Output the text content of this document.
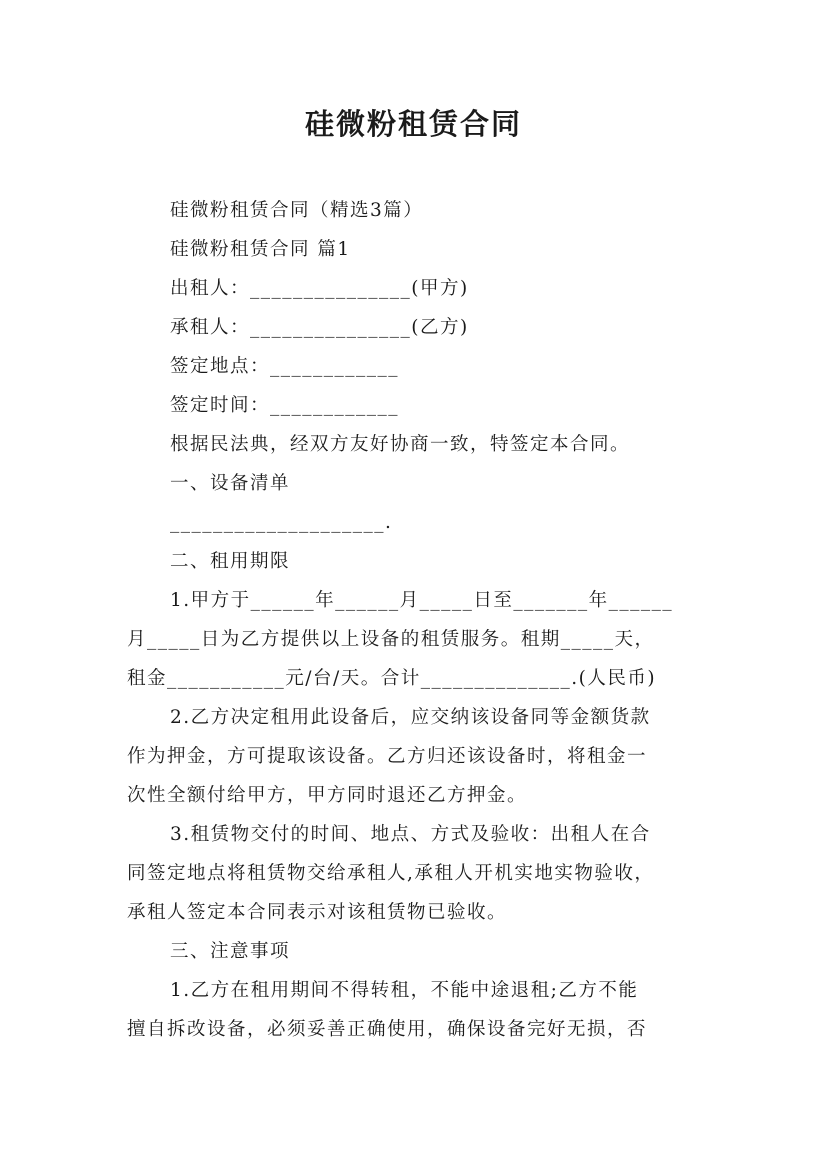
硅微粉租赁合同
硅微粉租赁合同（精选3篇）
硅微粉租赁合同 篇1
出租人：_______________(甲方)
承租人：_______________(乙方)
签定地点：____________
签定时间：____________
根据民法典，经双方友好协商一致，特签定本合同。
一、设备清单
____________________.
二、租用期限
1.甲方于______年______月_____日至_______年______
月_____日为乙方提供以上设备的租赁服务。租期_____天，
租金___________元/台/天。合计______________.(人民币)
2.乙方决定租用此设备后，应交纳该设备同等金额货款
作为押金，方可提取该设备。乙方归还该设备时，将租金一
次性全额付给甲方，甲方同时退还乙方押金。
3.租赁物交付的时间、地点、方式及验收：出租人在合
同签定地点将租赁物交给承租人,承租人开机实地实物验收，
承租人签定本合同表示对该租赁物已验收。
三、注意事项
1.乙方在租用期间不得转租，不能中途退租;乙方不能
擅自拆改设备，必须妥善正确使用，确保设备完好无损，否
